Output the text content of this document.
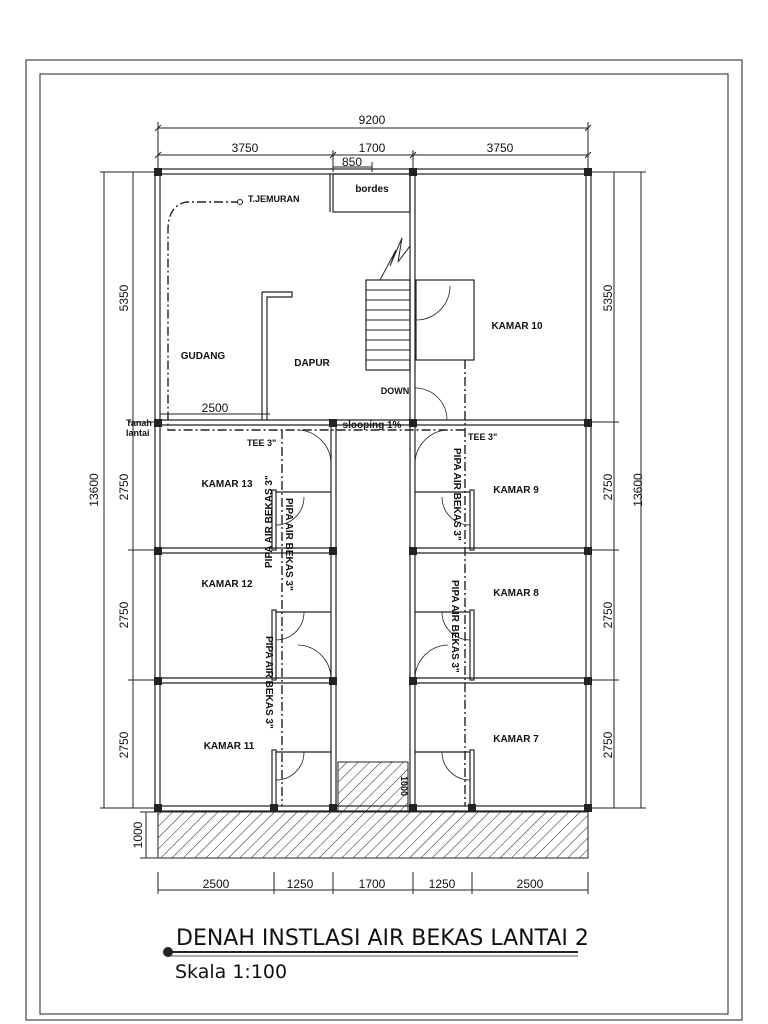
9200
3750	1700	3750
850
13600
5350
2750
2750
2750
13600
5350
2750
2750
2750
2500	1250	1700	1250	2500
1000
1000
bordes
T.JEMURAN
GUDANG
DAPUR
DOWN
KAMAR 10
KAMAR 9
KAMAR 8
KAMAR 7
KAMAR 13
KAMAR 12
KAMAR 11
2500
slooping 1%
TEE 3"
TEE 3"
Tanah
lantai
PIPA AIR BEKAS 3"
PIPA AIR BEKAS 3"
PIPA AIR BEKAS 3"
PIPA AIR BEKAS 3"
PIPA AIR BEKAS 3"
DENAH INSTLASI AIR BEKAS LANTAI 2
Skala 1:100
